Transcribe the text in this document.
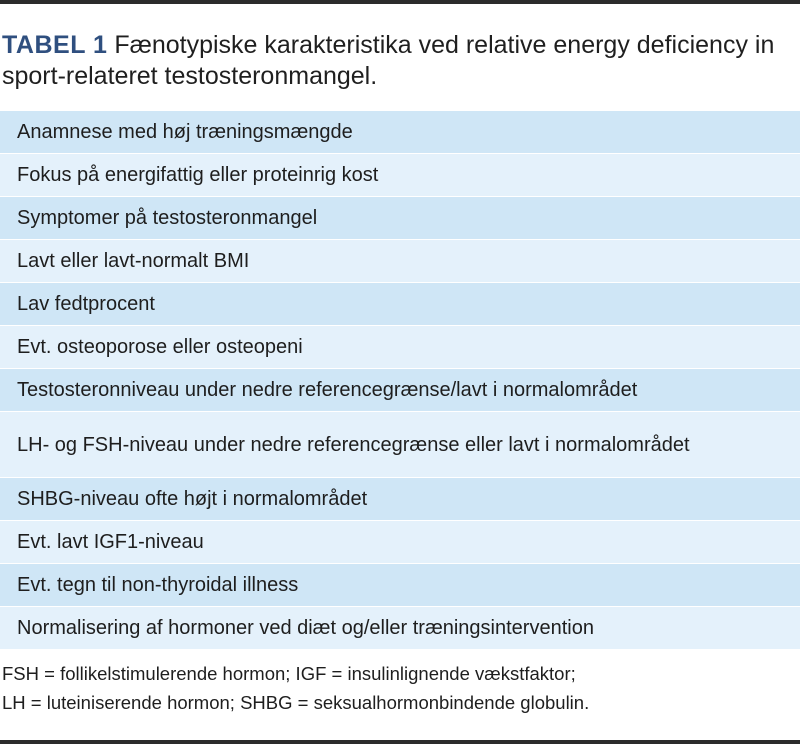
TABEL 1 Fænotypiske karakteristika ved relative energy deficiency in sport-relateret testosteronmangel.
Anamnese med høj træningsmængde
Fokus på energifattig eller proteinrig kost
Symptomer på testosteronmangel
Lavt eller lavt-normalt BMI
Lav fedtprocent
Evt. osteoporose eller osteopeni
Testosteronniveau under nedre referencegrænse/lavt i normalområdet
LH- og FSH-niveau under nedre referencegrænse eller lavt i normalområdet
SHBG-niveau ofte højt i normalområdet
Evt. lavt IGF1-niveau
Evt. tegn til non-thyroidal illness
Normalisering af hormoner ved diæt og/eller træningsintervention
FSH = follikelstimulerende hormon; IGF = insulinlignende vækstfaktor;
LH = luteiniserende hormon; SHBG = seksualhormonbindende globulin.
